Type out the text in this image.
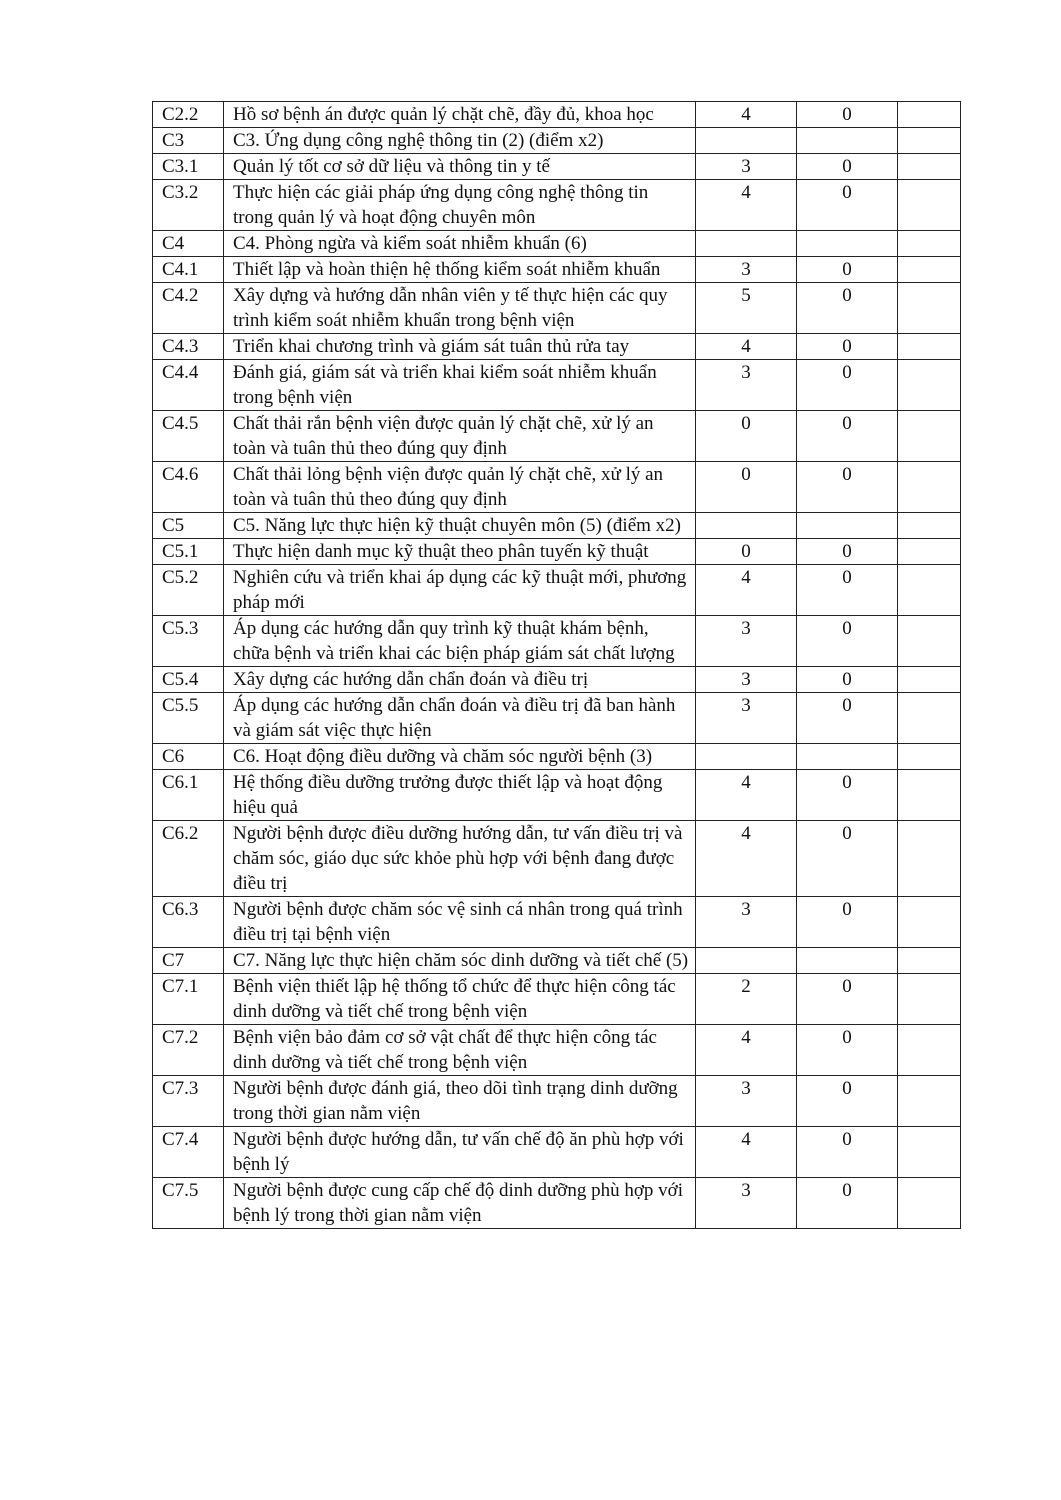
C2.2	Hồ sơ bệnh án được quản lý chặt chẽ, đầy đủ, khoa học	4	0	
C3	C3. Ứng dụng công nghệ thông tin (2) (điểm x2)			
C3.1	Quản lý tốt cơ sở dữ liệu và thông tin y tế	3	0	
C3.2	Thực hiện các giải pháp ứng dụng công nghệ thông tin trong quản lý và hoạt động chuyên môn	4	0	
C4	C4. Phòng ngừa và kiểm soát nhiễm khuẩn (6)			
C4.1	Thiết lập và hoàn thiện hệ thống kiểm soát nhiễm khuẩn	3	0	
C4.2	Xây dựng và hướng dẫn nhân viên y tế thực hiện các quy trình kiểm soát nhiễm khuẩn trong bệnh viện	5	0	
C4.3	Triển khai chương trình và giám sát tuân thủ rửa tay	4	0	
C4.4	Đánh giá, giám sát và triển khai kiểm soát nhiễm khuẩn trong bệnh viện	3	0	
C4.5	Chất thải rắn bệnh viện được quản lý chặt chẽ, xử lý an toàn và tuân thủ theo đúng quy định	0	0	
C4.6	Chất thải lỏng bệnh viện được quản lý chặt chẽ, xử lý an toàn và tuân thủ theo đúng quy định	0	0	
C5	C5. Năng lực thực hiện kỹ thuật chuyên môn (5) (điểm x2)			
C5.1	Thực hiện danh mục kỹ thuật theo phân tuyến kỹ thuật	0	0	
C5.2	Nghiên cứu và triển khai áp dụng các kỹ thuật mới, phương pháp mới	4	0	
C5.3	Áp dụng các hướng dẫn quy trình kỹ thuật khám bệnh, chữa bệnh và triển khai các biện pháp giám sát chất lượng	3	0	
C5.4	Xây dựng các hướng dẫn chẩn đoán và điều trị	3	0	
C5.5	Áp dụng các hướng dẫn chẩn đoán và điều trị đã ban hành và giám sát việc thực hiện	3	0	
C6	C6. Hoạt động điều dưỡng và chăm sóc người bệnh (3)			
C6.1	Hệ thống điều dưỡng trưởng được thiết lập và hoạt động hiệu quả	4	0	
C6.2	Người bệnh được điều dưỡng hướng dẫn, tư vấn điều trị và chăm sóc, giáo dục sức khỏe phù hợp với bệnh đang được điều trị	4	0	
C6.3	Người bệnh được chăm sóc vệ sinh cá nhân trong quá trình điều trị tại bệnh viện	3	0	
C7	C7. Năng lực thực hiện chăm sóc dinh dưỡng và tiết chế (5)			
C7.1	Bệnh viện thiết lập hệ thống tổ chức để thực hiện công tác dinh dưỡng và tiết chế trong bệnh viện	2	0	
C7.2	Bệnh viện bảo đảm cơ sở vật chất để thực hiện công tác dinh dưỡng và tiết chế trong bệnh viện	4	0	
C7.3	Người bệnh được đánh giá, theo dõi tình trạng dinh dưỡng trong thời gian nằm viện	3	0	
C7.4	Người bệnh được hướng dẫn, tư vấn chế độ ăn phù hợp với bệnh lý	4	0	
C7.5	Người bệnh được cung cấp chế độ dinh dưỡng phù hợp với bệnh lý trong thời gian nằm viện	3	0	
